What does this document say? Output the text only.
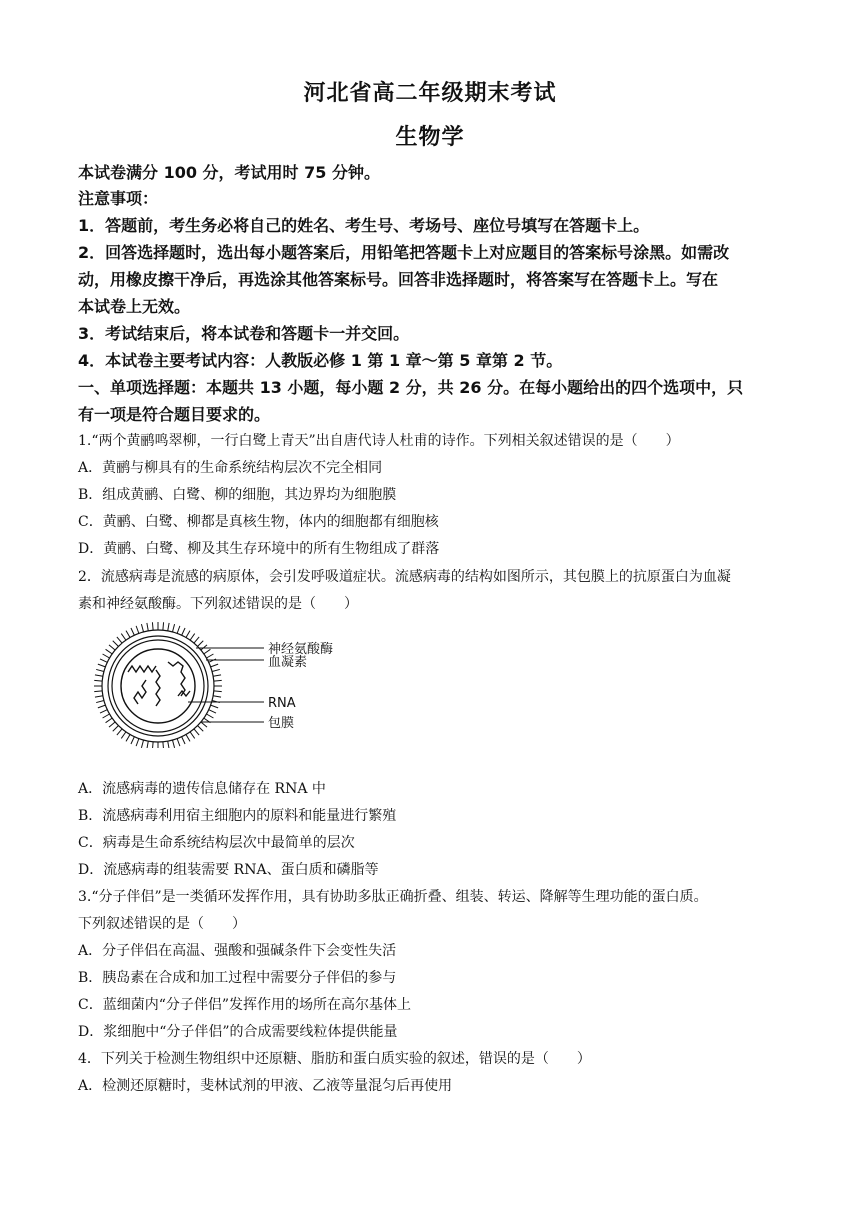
河北省高二年级期末考试
生物学
本试卷满分 100 分，考试用时 75 分钟。
注意事项：
1．答题前，考生务必将自己的姓名、考生号、考场号、座位号填写在答题卡上。
2．回答选择题时，选出每小题答案后，用铅笔把答题卡上对应题目的答案标号涂黑。如需改
动，用橡皮擦干净后，再选涂其他答案标号。回答非选择题时，将答案写在答题卡上。写在
本试卷上无效。
3．考试结束后，将本试卷和答题卡一并交回。
4．本试卷主要考试内容：人教版必修 1 第 1 章～第 5 章第 2 节。
一、单项选择题：本题共 13 小题，每小题 2 分，共 26 分。在每小题给出的四个选项中，只
有一项是符合题目要求的。
1.“两个黄鹂鸣翠柳，一行白鹭上青天”出自唐代诗人杜甫的诗作。下列相关叙述错误的是（　　）
A．黄鹂与柳具有的生命系统结构层次不完全相同
B．组成黄鹂、白鹭、柳的细胞，其边界均为细胞膜
C．黄鹂、白鹭、柳都是真核生物，体内的细胞都有细胞核
D．黄鹂、白鹭、柳及其生存环境中的所有生物组成了群落
2．流感病毒是流感的病原体，会引发呼吸道症状。流感病毒的结构如图所示，其包膜上的抗原蛋白为血凝
素和神经氨酸酶。下列叙述错误的是（　　）
神经氨酸酶
血凝素
RNA
包膜
A．流感病毒的遗传信息储存在 RNA 中
B．流感病毒利用宿主细胞内的原料和能量进行繁殖
C．病毒是生命系统结构层次中最简单的层次
D．流感病毒的组装需要 RNA、蛋白质和磷脂等
3.“分子伴侣”是一类循环发挥作用，具有协助多肽正确折叠、组装、转运、降解等生理功能的蛋白质。
下列叙述错误的是（　　）
A．分子伴侣在高温、强酸和强碱条件下会变性失活
B．胰岛素在合成和加工过程中需要分子伴侣的参与
C．蓝细菌内“分子伴侣”发挥作用的场所在高尔基体上
D．浆细胞中“分子伴侣”的合成需要线粒体提供能量
4．下列关于检测生物组织中还原糖、脂肪和蛋白质实验的叙述，错误的是（　　）
A．检测还原糖时，斐林试剂的甲液、乙液等量混匀后再使用
